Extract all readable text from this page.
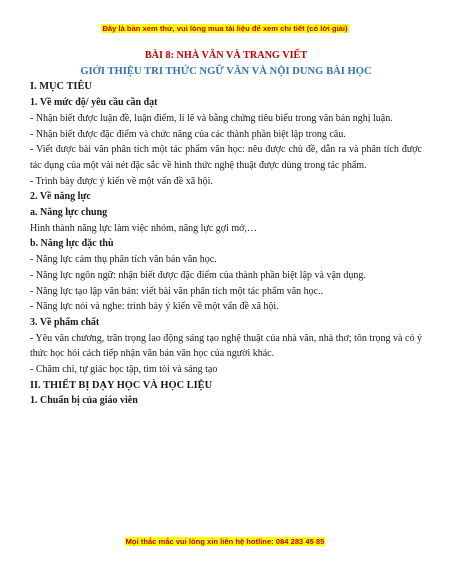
Đây là bản xem thử, vui lòng mua tài liệu để xem chi tiết (có lời giải)

BÀI 8: NHÀ VĂN VÀ TRANG VIẾT

GIỚI THIỆU TRI THỨC NGỮ VĂN VÀ NỘI DUNG BÀI HỌC

I. MỤC TIÊU

1. Về mức độ/ yêu cầu cần đạt

- Nhận biết được luận đề, luận điểm, lí lẽ và bằng chứng tiêu biểu trong văn bản nghị luận.

- Nhận biết được đặc điểm và chức năng của các thành phần biệt lập trong câu.

- Viết được bài văn phân tích một tác phẩm văn học: nêu được chủ đề, dẫn ra và phân tích được tác dụng của một vài nét đặc sắc về hình thức nghệ thuật được dùng trong tác phẩm.

- Trình bày được ý kiến về một vấn đề xã hội.

2. Về năng lực

a. Năng lực chung

Hình thành năng lực làm việc nhóm, năng lực gợi mở,…

b. Năng lực đặc thù

- Năng lực cảm thụ phân tích văn bản văn học.

- Năng lực ngôn ngữ: nhận biết được đặc điểm của thành phần biệt lập và vận dụng.

- Năng lực tạo lập văn bản: viết bài văn phân tích một tác phẩm văn học..

- Năng lực nói và nghe: trình bày ý kiến về một vấn đề xã hội.

3. Về phẩm chất

- Yêu văn chương, trân trọng lao động sáng tạo nghệ thuật của nhà văn, nhà thơ; tôn trọng và có ý thức học hỏi cách tiếp nhận văn bản văn học của người khác.

- Chăm chỉ, tự giác học tập, tìm tòi và sáng tạo

II. THIẾT BỊ DẠY HỌC VÀ HỌC LIỆU

1. Chuẩn bị của giáo viên

Mọi thắc mắc vui lòng xin liên hệ hotline: 084 283 45 85
